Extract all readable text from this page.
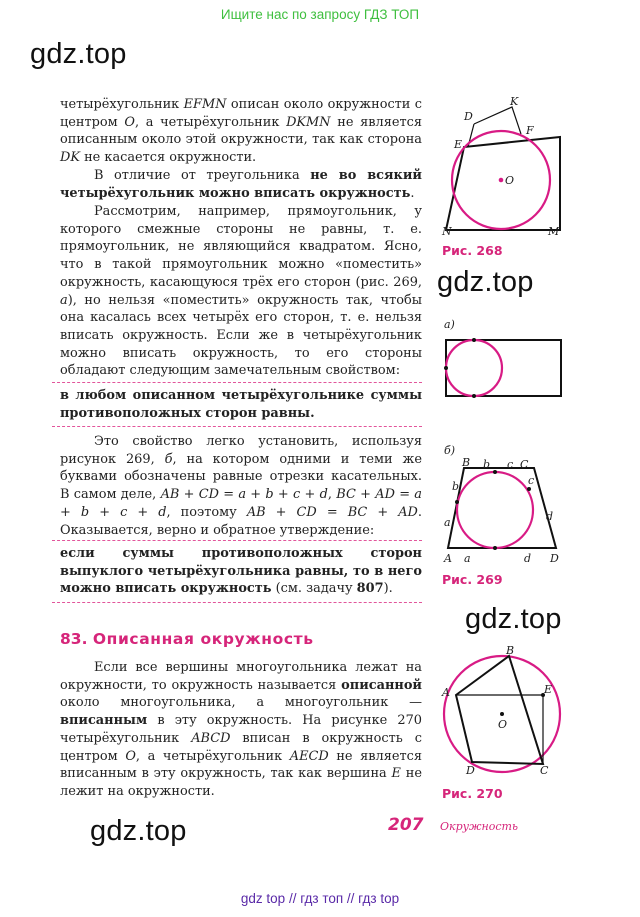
Ищите нас по запросу ГДЗ ТОП
gdz.top
gdz.top
gdz.top
gdz.top
четырёхугольник EFMN описан около окружности с центром O, а четырёхугольник DKMN не является описанным около этой окружности, так как сторона DK не касается окружности.
В отличие от треугольника не во всякий четырёхугольник можно вписать окружность.
Рассмотрим, например, прямоугольник, у которого смежные стороны не равны, т. е. прямоугольник, не являющийся квадратом. Ясно, что в такой прямоугольник можно «поместить» окружность, касающуюся трёх его сторон (рис. 269, а), но нельзя «поместить» окружность так, чтобы она касалась всех четырёх его сторон, т. е. нельзя вписать окружность. Если же в четырёхугольник можно вписать окружность, то его стороны обладают следующим замечательным свойством:
в любом описанном четырёхугольнике суммы противоположных сторон равны.
Это свойство легко установить, используя рисунок 269, б, на котором одними и теми же буквами обозначены равные отрезки касательных. В самом деле, AB + CD = a + b + c + d, BC + AD = a + b + c + d, поэтому AB + CD = BC + AD. Оказывается, верно и обратное утверждение:
если суммы противоположных сторон выпуклого четырёхугольника равны, то в него можно вписать окружность (см. задачу 807).
83. Описанная окружность
Если все вершины многоугольника лежат на окружности, то окружность называется описанной около многоугольника, а многоугольник — вписанным в эту окружность. На рисунке 270 четырёхугольник ABCD вписан в окружность с центром O, а четырёхугольник AECD не является вписанным в эту окружность, так как вершина E не лежит на окружности.
D
K
E
F
O
N	M
Рис. 268
а)
б)
B b c C
b	c
a	d
A a	d D
Рис. 269
B
A	E
O
D	C
Рис. 270
207 Окружность
gdz top // гдз топ // гдз top
